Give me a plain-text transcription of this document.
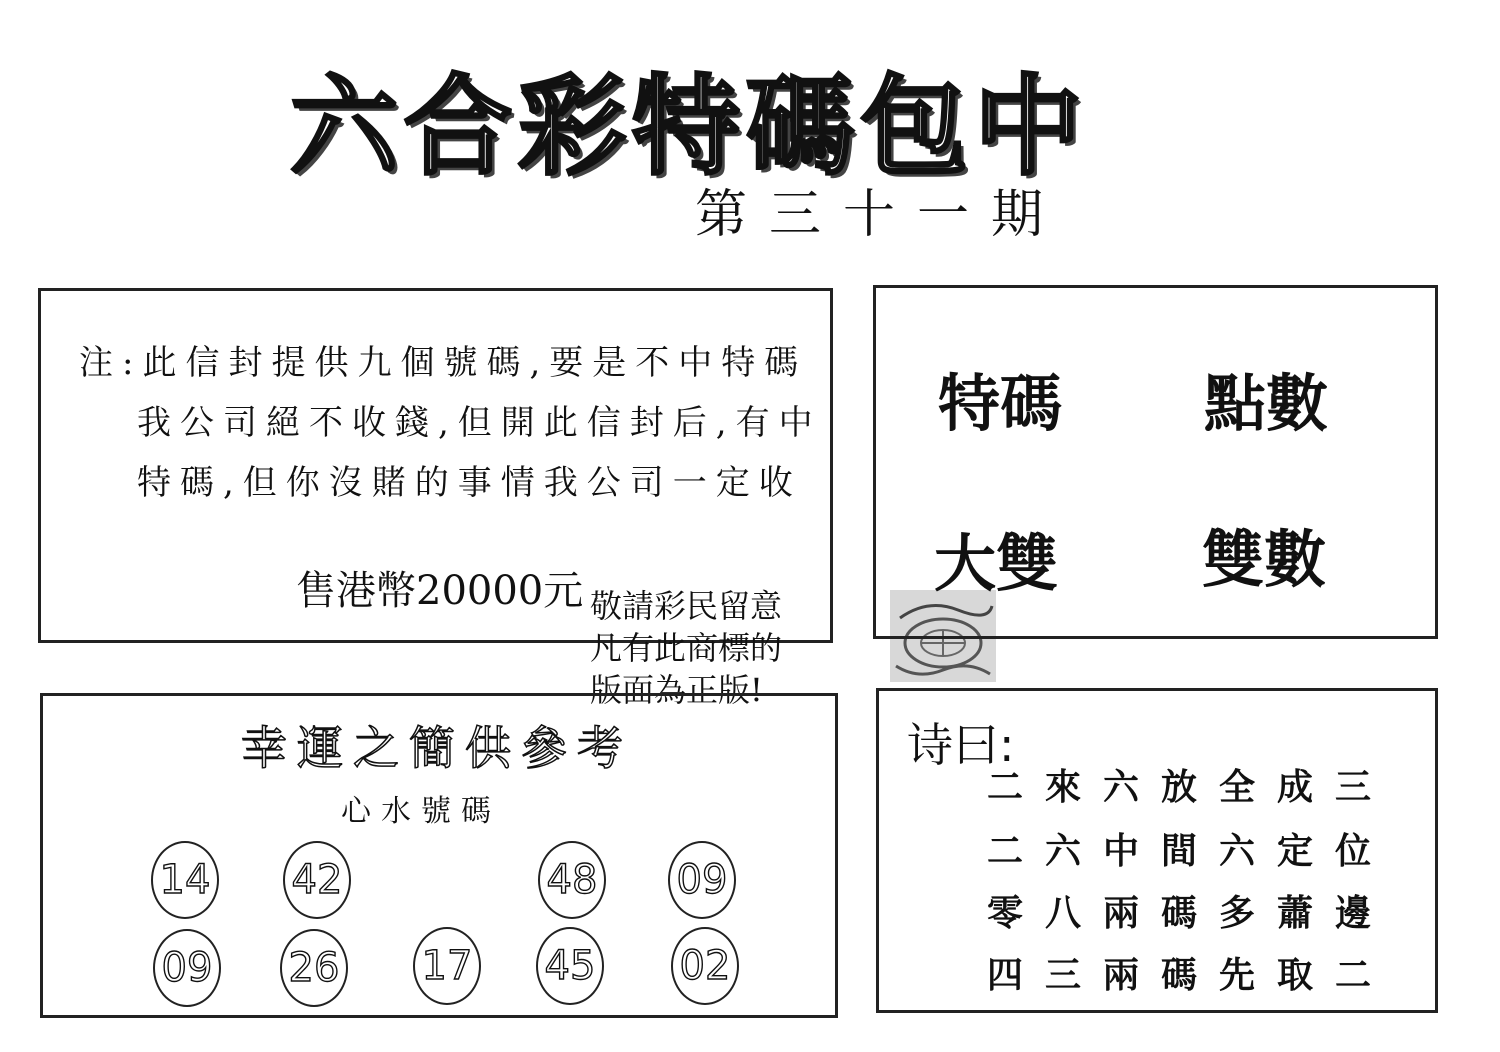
六合彩特碼包中
第三十一期
注:此信封提供九個號碼,要是不中特碼
我公司絕不收錢,但開此信封后,有中
特碼,但你沒賭的事情我公司一定收
售港幣20000元 敬請彩民留意
凡有此商標的
版面為正版!
特碼 點數
大雙 雙數
幸運之簡供參考
心水號碼
14 42	48 09
09 26 17 45 02
诗曰:
二來六放全成三
二六中間六定位
零八兩碼多蕭邊
四三兩碼先取二
